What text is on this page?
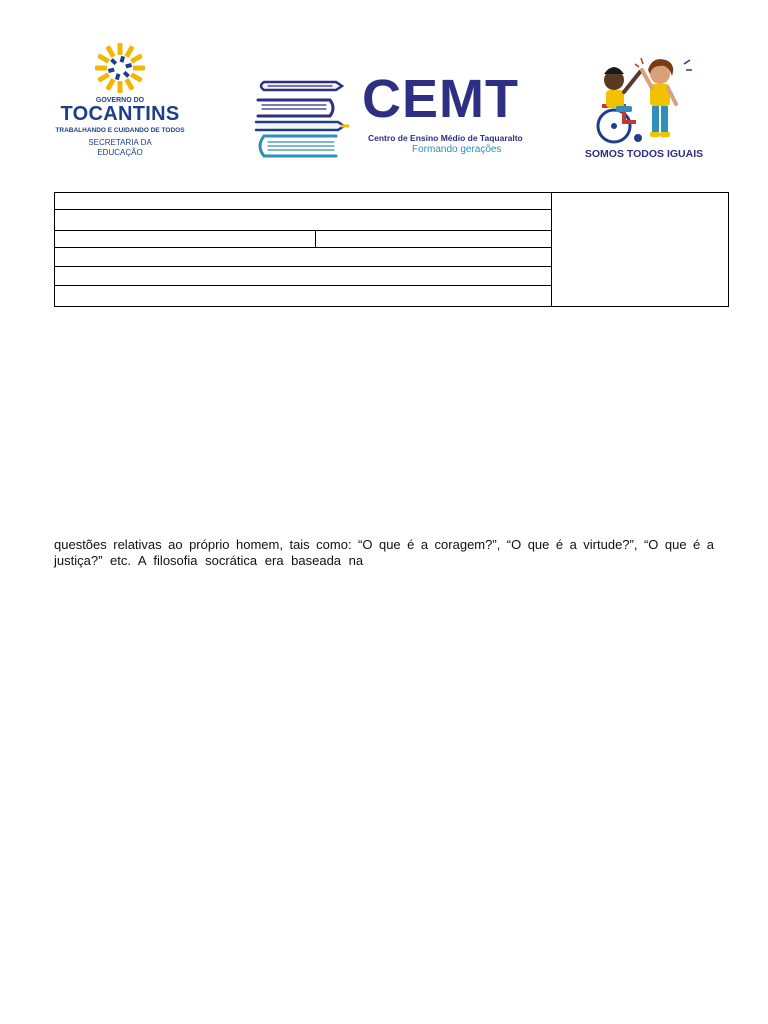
GOVERNO DO
TOCANTINS
TRABALHANDO E CUIDANDO DE TODOS
SECRETARIA DA
EDUCAÇÃO
CEMT
Centro de Ensino Médio de Taquaralto
Formando gerações	SOMOS TODOS IGUAIS

questões relativas ao próprio homem, tais como: “O que é a coragem?”, “O que é a virtude?”, “O que é a
justiça?” etc. A filosofia socrática era baseada na
